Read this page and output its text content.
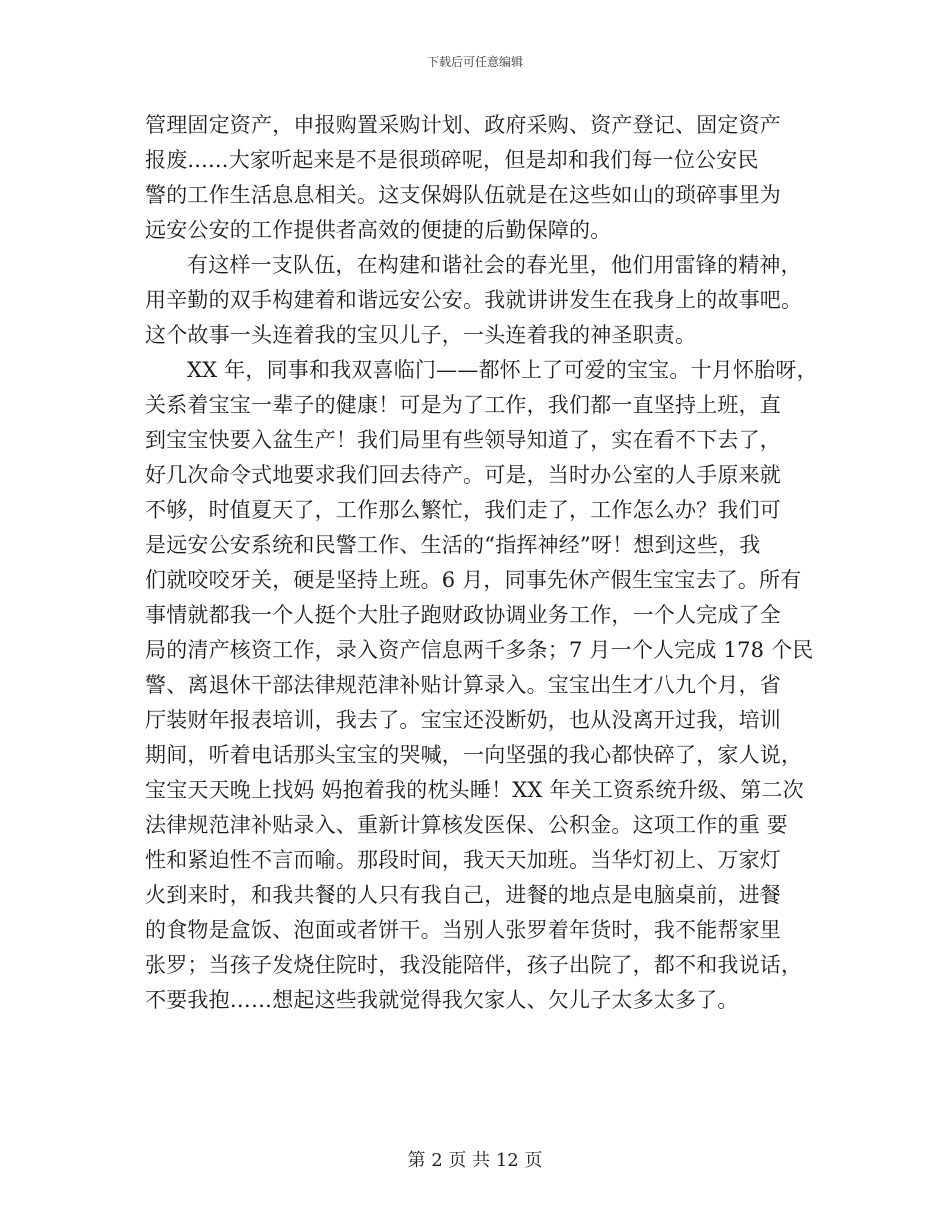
下载后可任意编辑
管理固定资产，申报购置采购计划、政府采购、资产登记、固定资产
报废......大家听起来是不是很琐碎呢，但是却和我们每一位公安民
警的工作生活息息相关。这支保姆队伍就是在这些如山的琐碎事里为
远安公安的工作提供者高效的便捷的后勤保障的。
有这样一支队伍，在构建和谐社会的春光里，他们用雷锋的精神，
用辛勤的双手构建着和谐远安公安。我就讲讲发生在我身上的故事吧。
这个故事一头连着我的宝贝儿子，一头连着我的神圣职责。
XX 年，同事和我双喜临门——都怀上了可爱的宝宝。十月怀胎呀，
关系着宝宝一辈子的健康！可是为了工作，我们都一直坚持上班，直
到宝宝快要入盆生产！我们局里有些领导知道了，实在看不下去了，
好几次命令式地要求我们回去待产。可是，当时办公室的人手原来就
不够，时值夏天了，工作那么繁忙，我们走了，工作怎么办？我们可
是远安公安系统和民警工作、生活的“指挥神经”呀！想到这些，我
们就咬咬牙关，硬是坚持上班。6 月，同事先休产假生宝宝去了。所有
事情就都我一个人挺个大肚子跑财政协调业务工作，一个人完成了全
局的清产核资工作，录入资产信息两千多条；7 月一个人完成 178 个民
警、离退休干部法律规范津补贴计算录入。宝宝出生才八九个月，省
厅装财年报表培训，我去了。宝宝还没断奶，也从没离开过我，培训
期间，听着电话那头宝宝的哭喊，一向坚强的我心都快碎了，家人说，
宝宝天天晚上找妈 妈抱着我的枕头睡！XX 年关工资系统升级、第二次
法律规范津补贴录入、重新计算核发医保、公积金。这项工作的重 要
性和紧迫性不言而喻。那段时间，我天天加班。当华灯初上、万家灯
火到来时，和我共餐的人只有我自己，进餐的地点是电脑桌前，进餐
的食物是盒饭、泡面或者饼干。当别人张罗着年货时，我不能帮家里
张罗；当孩子发烧住院时，我没能陪伴，孩子出院了，都不和我说话，
不要我抱……想起这些我就觉得我欠家人、欠儿子太多太多了。
第 2 页 共 12 页
